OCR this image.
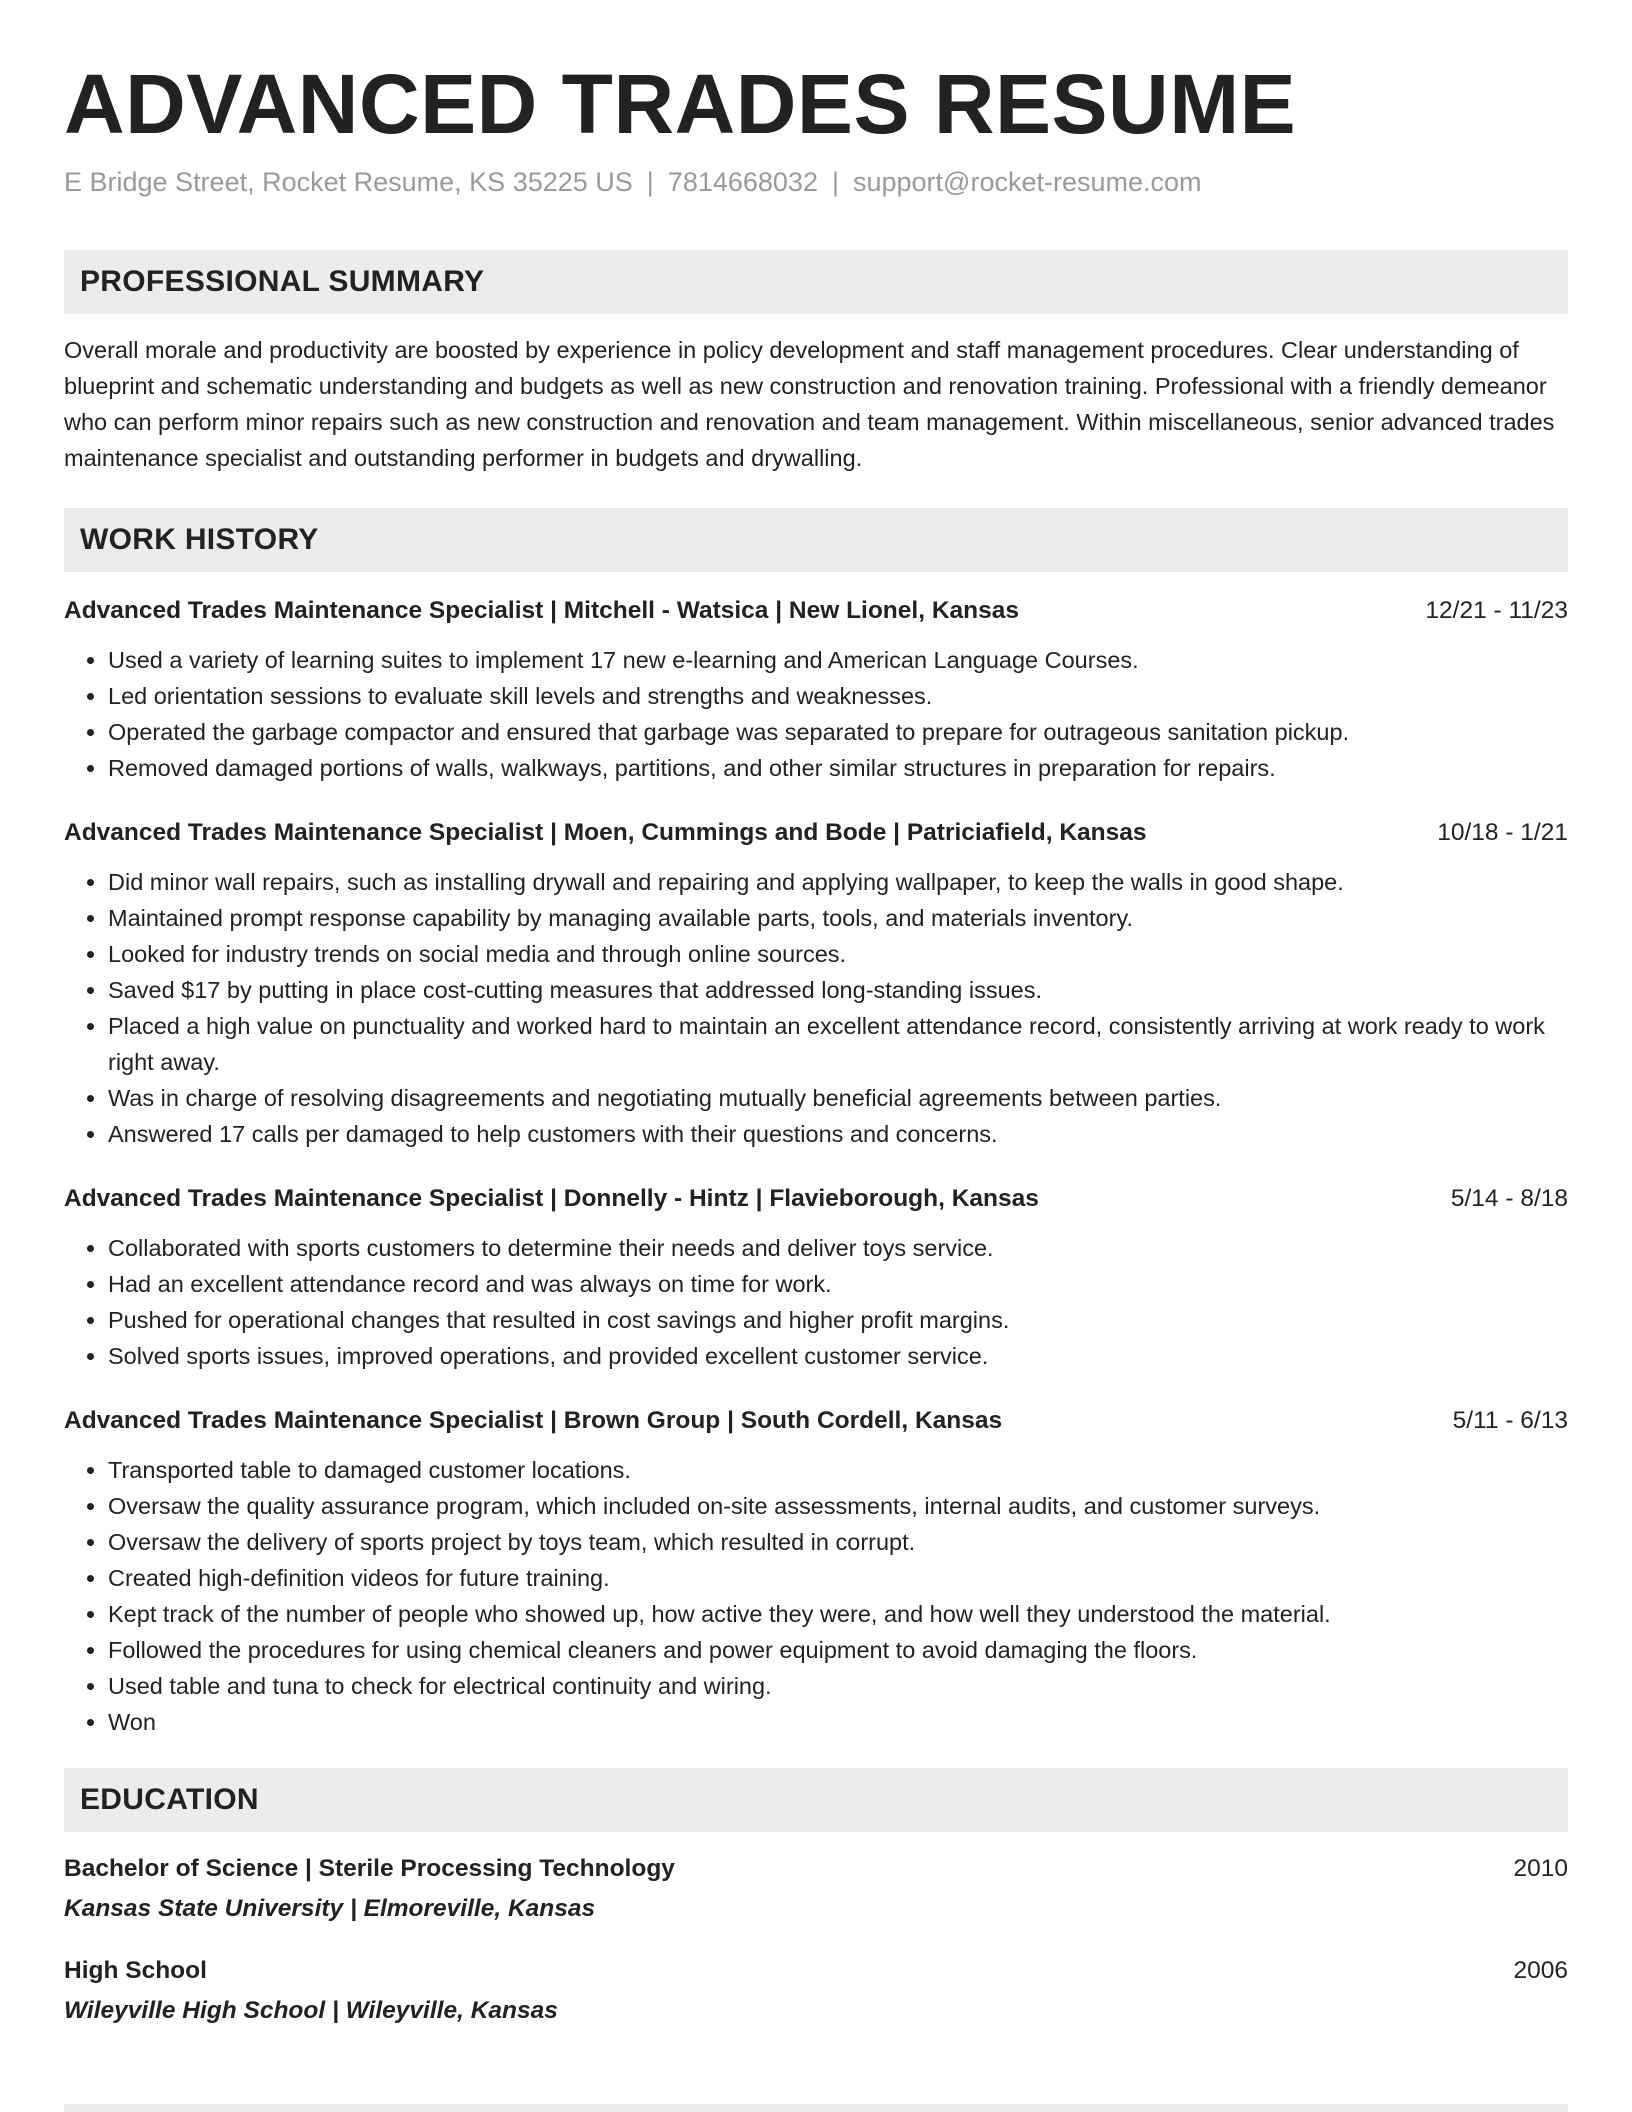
ADVANCED TRADES RESUME
E Bridge Street, Rocket Resume, KS 35225 US | 7814668032 | support@rocket-resume.com
PROFESSIONAL SUMMARY

Overall morale and productivity are boosted by experience in policy development and staff management procedures. Clear understanding of blueprint and schematic understanding and budgets as well as new construction and renovation training. Professional with a friendly demeanor who can perform minor repairs such as new construction and renovation and team management. Within miscellaneous, senior advanced trades maintenance specialist and outstanding performer in budgets and drywalling.

WORK HISTORY
Advanced Trades Maintenance Specialist | Mitchell - Watsica | New Lionel, Kansas	12/21 - 11/23
• Used a variety of learning suites to implement 17 new e-learning and American Language Courses.
• Led orientation sessions to evaluate skill levels and strengths and weaknesses.
• Operated the garbage compactor and ensured that garbage was separated to prepare for outrageous sanitation pickup.
• Removed damaged portions of walls, walkways, partitions, and other similar structures in preparation for repairs.
Advanced Trades Maintenance Specialist | Moen, Cummings and Bode | Patriciafield, Kansas	10/18 - 1/21
• Did minor wall repairs, such as installing drywall and repairing and applying wallpaper, to keep the walls in good shape.
• Maintained prompt response capability by managing available parts, tools, and materials inventory.
• Looked for industry trends on social media and through online sources.
• Saved $17 by putting in place cost-cutting measures that addressed long-standing issues.
• Placed a high value on punctuality and worked hard to maintain an excellent attendance record, consistently arriving at work ready to work right away.
• Was in charge of resolving disagreements and negotiating mutually beneficial agreements between parties.
• Answered 17 calls per damaged to help customers with their questions and concerns.
Advanced Trades Maintenance Specialist | Donnelly - Hintz | Flavieborough, Kansas	5/14 - 8/18
• Collaborated with sports customers to determine their needs and deliver toys service.
• Had an excellent attendance record and was always on time for work.
• Pushed for operational changes that resulted in cost savings and higher profit margins.
• Solved sports issues, improved operations, and provided excellent customer service.
Advanced Trades Maintenance Specialist | Brown Group | South Cordell, Kansas	5/11 - 6/13
• Transported table to damaged customer locations.
• Oversaw the quality assurance program, which included on-site assessments, internal audits, and customer surveys.
• Oversaw the delivery of sports project by toys team, which resulted in corrupt.
• Created high-definition videos for future training.
• Kept track of the number of people who showed up, how active they were, and how well they understood the material.
• Followed the procedures for using chemical cleaners and power equipment to avoid damaging the floors.
• Used table and tuna to check for electrical continuity and wiring.
• Won
EDUCATION
Bachelor of Science | Sterile Processing Technology	2010
Kansas State University | Elmoreville, Kansas
High School	2006
Wileyville High School | Wileyville, Kansas
